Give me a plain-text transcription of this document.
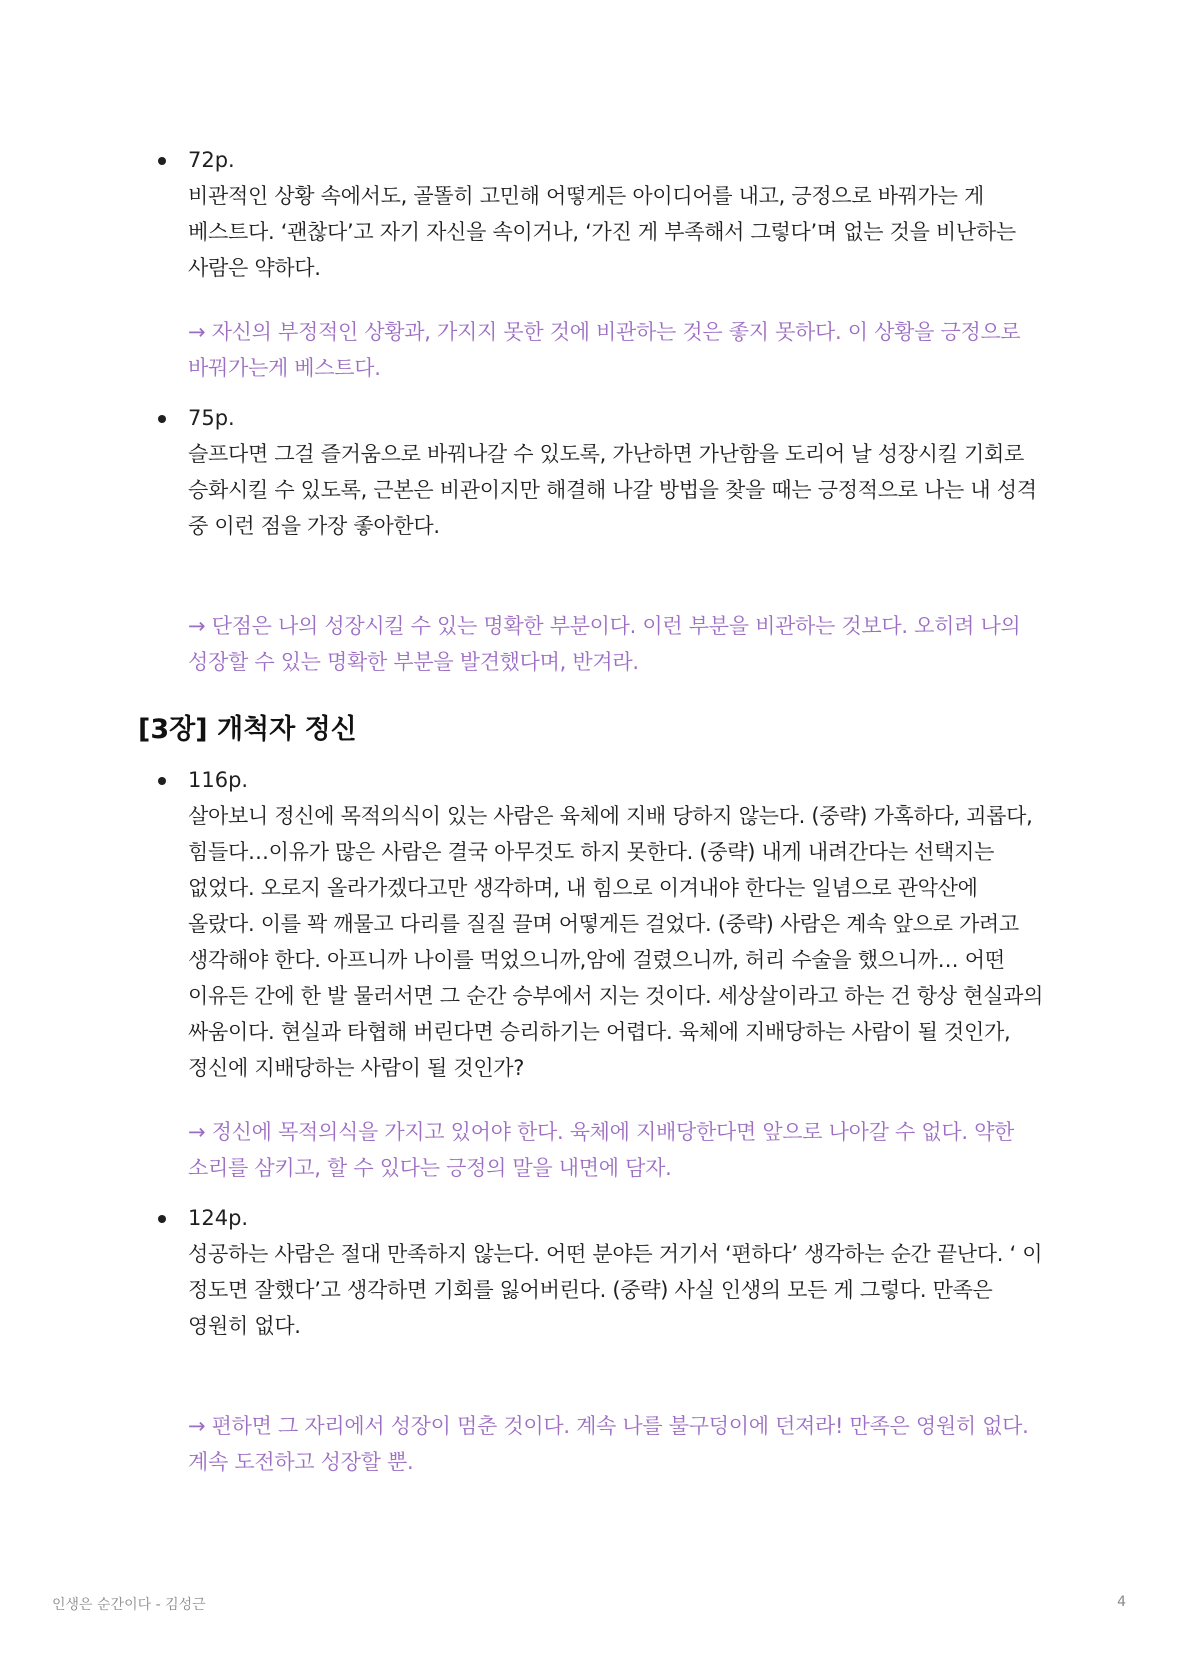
72p.
비관적인 상황 속에서도, 골똘히 고민해 어떻게든 아이디어를 내고, 긍정으로 바꿔가는 게 베스트다. ‘괜찮다’고 자기 자신을 속이거나, ‘가진 게 부족해서 그렇다’며 없는 것을 비난하는 사람은 약하다.
→ 자신의 부정적인 상황과, 가지지 못한 것에 비관하는 것은 좋지 못하다. 이 상황을 긍정으로 바꿔가는게 베스트다.
75p.
슬프다면 그걸 즐거움으로 바꿔나갈 수 있도록, 가난하면 가난함을 도리어 날 성장시킬 기회로 승화시킬 수 있도록, 근본은 비관이지만 해결해 나갈 방법을 찾을 때는 긍정적으로 나는 내 성격 중 이런 점을 가장 좋아한다.
→ 단점은 나의 성장시킬 수 있는 명확한 부분이다. 이런 부분을 비관하는 것보다. 오히려 나의 성장할 수 있는 명확한 부분을 발견했다며, 반겨라.
[3장] 개척자 정신
116p.
살아보니 정신에 목적의식이 있는 사람은 육체에 지배 당하지 않는다. (중략) 가혹하다, 괴롭다, 힘들다…이유가 많은 사람은 결국 아무것도 하지 못한다. (중략) 내게 내려간다는 선택지는 없었다. 오로지 올라가겠다고만 생각하며, 내 힘으로 이겨내야 한다는 일념으로 관악산에 올랐다. 이를 꽉 깨물고 다리를 질질 끌며 어떻게든 걸었다. (중략) 사람은 계속 앞으로 가려고 생각해야 한다. 아프니까 나이를 먹었으니까,암에 걸렸으니까, 허리 수술을 했으니까… 어떤 이유든 간에 한 발 물러서면 그 순간 승부에서 지는 것이다. 세상살이라고 하는 건 항상 현실과의 싸움이다. 현실과 타협해 버린다면 승리하기는 어렵다. 육체에 지배당하는 사람이 될 것인가, 정신에 지배당하는 사람이 될 것인가?
→ 정신에 목적의식을 가지고 있어야 한다. 육체에 지배당한다면 앞으로 나아갈 수 없다. 약한 소리를 삼키고, 할 수 있다는 긍정의 말을 내면에 담자.
124p.
성공하는 사람은 절대 만족하지 않는다. 어떤 분야든 거기서 ‘편하다’ 생각하는 순간 끝난다. ‘ 이 정도면 잘했다’고 생각하면 기회를 잃어버린다. (중략) 사실 인생의 모든 게 그렇다. 만족은 영원히 없다.
→ 편하면 그 자리에서 성장이 멈춘 것이다. 계속 나를 불구덩이에 던져라! 만족은 영원히 없다. 계속 도전하고 성장할 뿐.
인생은 순간이다 - 김성근	4
